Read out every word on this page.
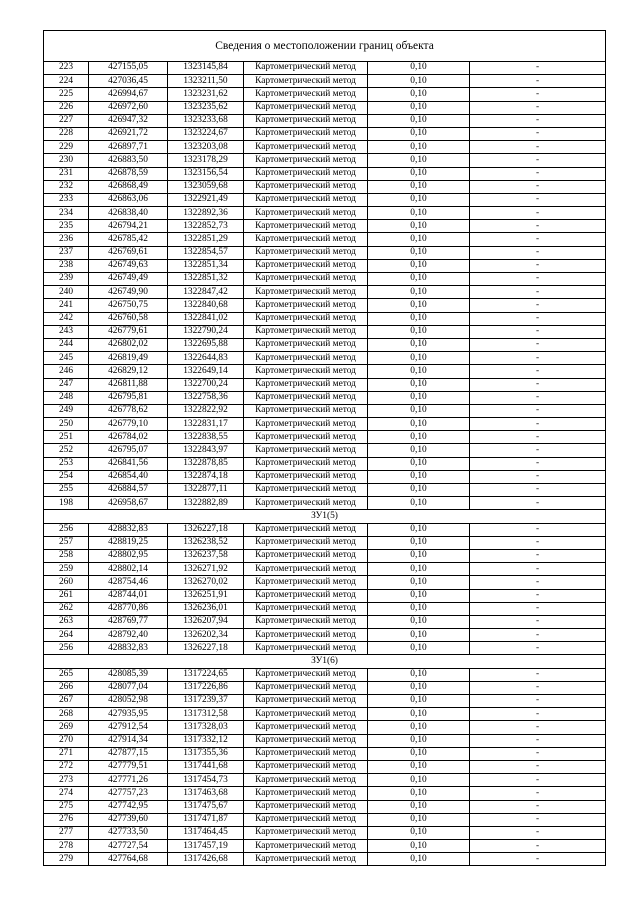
Сведения о местоположении границ объекта					
223	427155,05	1323145,84	Картометрический метод	0,10	-
224	427036,45	1323211,50	Картометрический метод	0,10	-
225	426994,67	1323231,62	Картометрический метод	0,10	-
226	426972,60	1323235,62	Картометрический метод	0,10	-
227	426947,32	1323233,68	Картометрический метод	0,10	-
228	426921,72	1323224,67	Картометрический метод	0,10	-
229	426897,71	1323203,08	Картометрический метод	0,10	-
230	426883,50	1323178,29	Картометрический метод	0,10	-
231	426878,59	1323156,54	Картометрический метод	0,10	-
232	426868,49	1323059,68	Картометрический метод	0,10	-
233	426863,06	1322921,49	Картометрический метод	0,10	-
234	426838,40	1322892,36	Картометрический метод	0,10	-
235	426794,21	1322852,73	Картометрический метод	0,10	-
236	426785,42	1322851,29	Картометрический метод	0,10	-
237	426769,61	1322854,57	Картометрический метод	0,10	-
238	426749,63	1322851,34	Картометрический метод	0,10	-
239	426749,49	1322851,32	Картометрический метод	0,10	-
240	426749,90	1322847,42	Картометрический метод	0,10	-
241	426750,75	1322840,68	Картометрический метод	0,10	-
242	426760,58	1322841,02	Картометрический метод	0,10	-
243	426779,61	1322790,24	Картометрический метод	0,10	-
244	426802,02	1322695,88	Картометрический метод	0,10	-
245	426819,49	1322644,83	Картометрический метод	0,10	-
246	426829,12	1322649,14	Картометрический метод	0,10	-
247	426811,88	1322700,24	Картометрический метод	0,10	-
248	426795,81	1322758,36	Картометрический метод	0,10	-
249	426778,62	1322822,92	Картометрический метод	0,10	-
250	426779,10	1322831,17	Картометрический метод	0,10	-
251	426784,02	1322838,55	Картометрический метод	0,10	-
252	426795,07	1322843,97	Картометрический метод	0,10	-
253	426841,56	1322878,85	Картометрический метод	0,10	-
254	426854,40	1322874,18	Картометрический метод	0,10	-
255	426884,57	1322877,11	Картометрический метод	0,10	-
198	426958,67	1322882,89	Картометрический метод	0,10	-
ЗУ1(5)					
256	428832,83	1326227,18	Картометрический метод	0,10	-
257	428819,25	1326238,52	Картометрический метод	0,10	-
258	428802,95	1326237,58	Картометрический метод	0,10	-
259	428802,14	1326271,92	Картометрический метод	0,10	-
260	428754,46	1326270,02	Картометрический метод	0,10	-
261	428744,01	1326251,91	Картометрический метод	0,10	-
262	428770,86	1326236,01	Картометрический метод	0,10	-
263	428769,77	1326207,94	Картометрический метод	0,10	-
264	428792,40	1326202,34	Картометрический метод	0,10	-
256	428832,83	1326227,18	Картометрический метод	0,10	-
ЗУ1(6)					
265	428085,39	1317224,65	Картометрический метод	0,10	-
266	428077,04	1317226,86	Картометрический метод	0,10	-
267	428052,98	1317239,37	Картометрический метод	0,10	-
268	427935,95	1317312,58	Картометрический метод	0,10	-
269	427912,54	1317328,03	Картометрический метод	0,10	-
270	427914,34	1317332,12	Картометрический метод	0,10	-
271	427877,15	1317355,36	Картометрический метод	0,10	-
272	427779,51	1317441,68	Картометрический метод	0,10	-
273	427771,26	1317454,73	Картометрический метод	0,10	-
274	427757,23	1317463,68	Картометрический метод	0,10	-
275	427742,95	1317475,67	Картометрический метод	0,10	-
276	427739,60	1317471,87	Картометрический метод	0,10	-
277	427733,50	1317464,45	Картометрический метод	0,10	-
278	427727,54	1317457,19	Картометрический метод	0,10	-
279	427764,68	1317426,68	Картометрический метод	0,10	-
